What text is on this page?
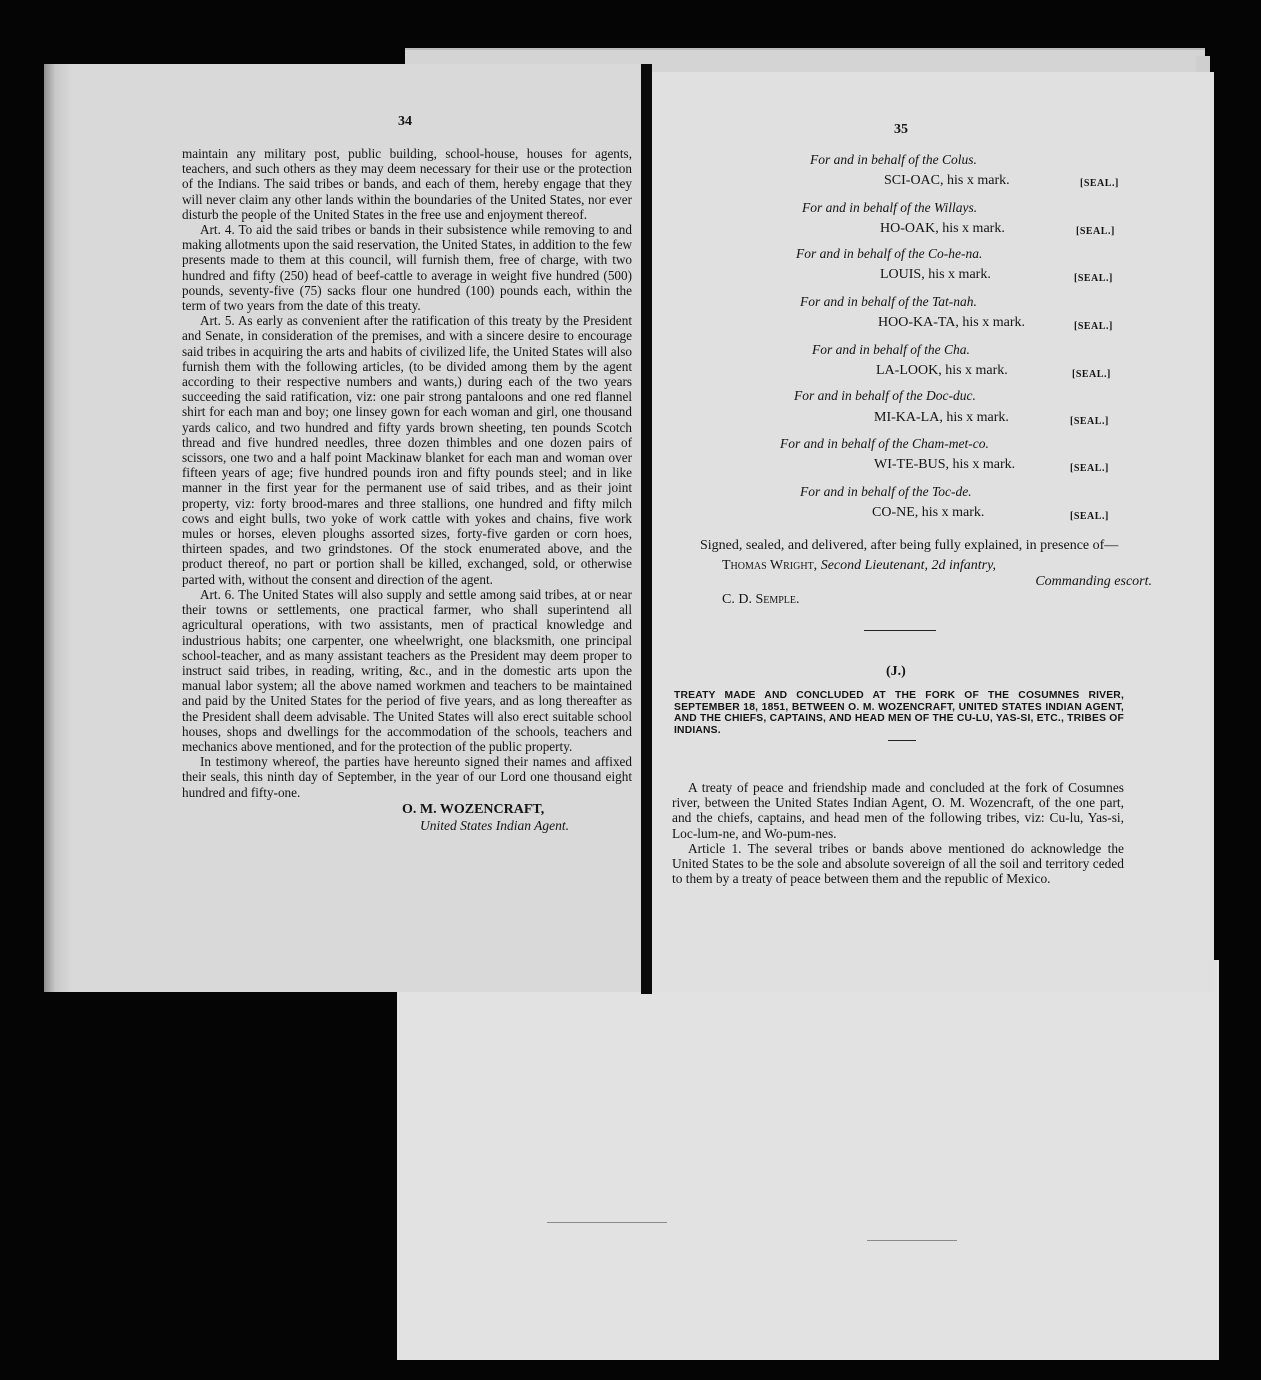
34

maintain any military post, public building, school-house, houses for agents, teachers, and such others as they may deem necessary for their use or the protection of the Indians. The said tribes or bands, and each of them, hereby engage that they will never claim any other lands within the boundaries of the United States, nor ever disturb the people of the United States in the free use and enjoyment thereof.

Art. 4. To aid the said tribes or bands in their subsistence while removing to and making allotments upon the said reservation, the United States, in addition to the few presents made to them at this council, will furnish them, free of charge, with two hundred and fifty (250) head of beef-cattle to average in weight five hundred (500) pounds, seventy-five (75) sacks flour one hundred (100) pounds each, within the term of two years from the date of this treaty.

Art. 5. As early as convenient after the ratification of this treaty by the President and Senate, in consideration of the premises, and with a sincere desire to encourage said tribes in acquiring the arts and habits of civilized life, the United States will also furnish them with the following articles, (to be divided among them by the agent according to their respective numbers and wants,) during each of the two years succeeding the said ratification, viz: one pair strong pantaloons and one red flannel shirt for each man and boy; one linsey gown for each woman and girl, one thousand yards calico, and two hundred and fifty yards brown sheeting, ten pounds Scotch thread and five hundred needles, three dozen thimbles and one dozen pairs of scissors, one two and a half point Mackinaw blanket for each man and woman over fifteen years of age; five hundred pounds iron and fifty pounds steel; and in like manner in the first year for the permanent use of said tribes, and as their joint property, viz: forty brood-mares and three stallions, one hundred and fifty milch cows and eight bulls, two yoke of work cattle with yokes and chains, five work mules or horses, eleven ploughs assorted sizes, forty-five garden or corn hoes, thirteen spades, and two grindstones. Of the stock enumerated above, and the product thereof, no part or portion shall be killed, exchanged, sold, or otherwise parted with, without the consent and direction of the agent.

Art. 6. The United States will also supply and settle among said tribes, at or near their towns or settlements, one practical farmer, who shall superintend all agricultural operations, with two assistants, men of practical knowledge and industrious habits; one carpenter, one wheelwright, one blacksmith, one principal school-teacher, and as many assistant teachers as the President may deem proper to instruct said tribes, in reading, writing, &c., and in the domestic arts upon the manual labor system; all the above named workmen and teachers to be maintained and paid by the United States for the period of five years, and as long thereafter as the President shall deem advisable. The United States will also erect suitable school houses, shops and dwellings for the accommodation of the schools, teachers and mechanics above mentioned, and for the protection of the public property.

In testimony whereof, the parties have hereunto signed their names and affixed their seals, this ninth day of September, in the year of our Lord one thousand eight hundred and fifty-one.

O. M. WOZENCRAFT,
United States Indian Agent.
35
For and in behalf of the Colus.
SCI-OAC, his x mark.	[SEAL.]
For and in behalf of the Willays.
HO-OAK, his x mark.	[SEAL.]
For and in behalf of the Co-he-na.
LOUIS, his x mark.	[SEAL.]
For and in behalf of the Tat-nah.
HOO-KA-TA, his x mark.	[SEAL.]
For and in behalf of the Cha.
LA-LOOK, his x mark.	[SEAL.]
For and in behalf of the Doc-duc.
MI-KA-LA, his x mark.	[SEAL.]
For and in behalf of the Cham-met-co.
WI-TE-BUS, his x mark.	[SEAL.]
For and in behalf of the Toc-de.
CO-NE, his x mark.	[SEAL.]

Signed, sealed, and delivered, after being fully explained, in presence of—

Thomas Wright, Second Lieutenant, 2d infantry,

Commanding escort.

C. D. Semple.

(J.)
TREATY MADE AND CONCLUDED AT THE FORK OF THE COSUMNES RIVER, SEPTEMBER 18, 1851, BETWEEN O. M. WOZENCRAFT, UNITED STATES INDIAN AGENT, AND THE CHIEFS, CAPTAINS, AND HEAD MEN OF THE CU-LU, YAS-SI, ETC., TRIBES OF INDIANS.

A treaty of peace and friendship made and concluded at the fork of Cosumnes river, between the United States Indian Agent, O. M. Wozencraft, of the one part, and the chiefs, captains, and head men of the following tribes, viz: Cu-lu, Yas-si, Loc-lum-ne, and Wo-pum-nes.

Article 1. The several tribes or bands above mentioned do acknowledge the United States to be the sole and absolute sovereign of all the soil and territory ceded to them by a treaty of peace between them and the republic of Mexico.
